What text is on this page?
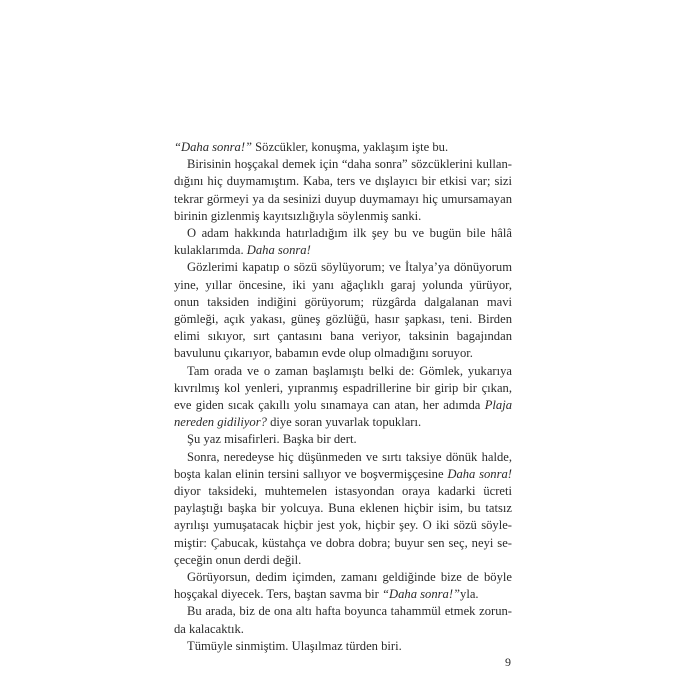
“Daha sonra!” Sözcükler, konuşma, yaklaşım işte bu.

Birisinin hoşçakal demek için “daha sonra” sözcüklerini kullandığını hiç duymamıştım. Kaba, ters ve dışlayıcı bir etkisi var; sizi tekrar görmeyi ya da sesinizi duyup duymamayı hiç umursamayan birinin gizlenmiş kayıtsızlığıyla söylenmiş sanki.

O adam hakkında hatırladığım ilk şey bu ve bugün bile hâlâ kulaklarımda. Daha sonra!

Gözlerimi kapatıp o sözü söylüyorum; ve İtalya’ya dönüyorum yine, yıllar öncesine, iki yanı ağaçlıklı garaj yolunda yürüyor, onun taksiden indiğini görüyorum; rüzgârda dalgalanan mavi gömleği, açık yakası, güneş gözlüğü, hasır şapkası, teni. Birden elimi sıkıyor, sırt çantasını bana veriyor, taksinin bagajından bavulunu çıkarıyor, babamın evde olup olmadığını soruyor.

Tam orada ve o zaman başlamıştı belki de: Gömlek, yukarıya kıvrılmış kol yenleri, yıpranmış espadrillerine bir girip bir çıkan, eve giden sıcak çakıllı yolu sınamaya can atan, her adımda Plaja nereden gidiliyor? diye soran yuvarlak topukları.

Şu yaz misafirleri. Başka bir dert.

Sonra, neredeyse hiç düşünmeden ve sırtı taksiye dönük halde, boşta kalan elinin tersini sallıyor ve boşvermişçesine Daha sonra! diyor taksideki, muhtemelen istasyondan oraya kadarki ücreti paylaştığı başka bir yolcuya. Buna eklenen hiçbir isim, bu tatsız ayrılışı yumuşatacak hiçbir jest yok, hiçbir şey. O iki sözü söylemiştir: Çabucak, küstahça ve dobra dobra; buyur sen seç, neyi seçeceğin onun derdi değil.

Görüyorsun, dedim içimden, zamanı geldiğinde bize de böyle hoşçakal diyecek. Ters, baştan savma bir “Daha sonra!”yla.

Bu arada, biz de ona altı hafta boyunca tahammül etmek zorunda kalacaktık.

Tümüyle sinmiştim. Ulaşılmaz türden biri.

9
